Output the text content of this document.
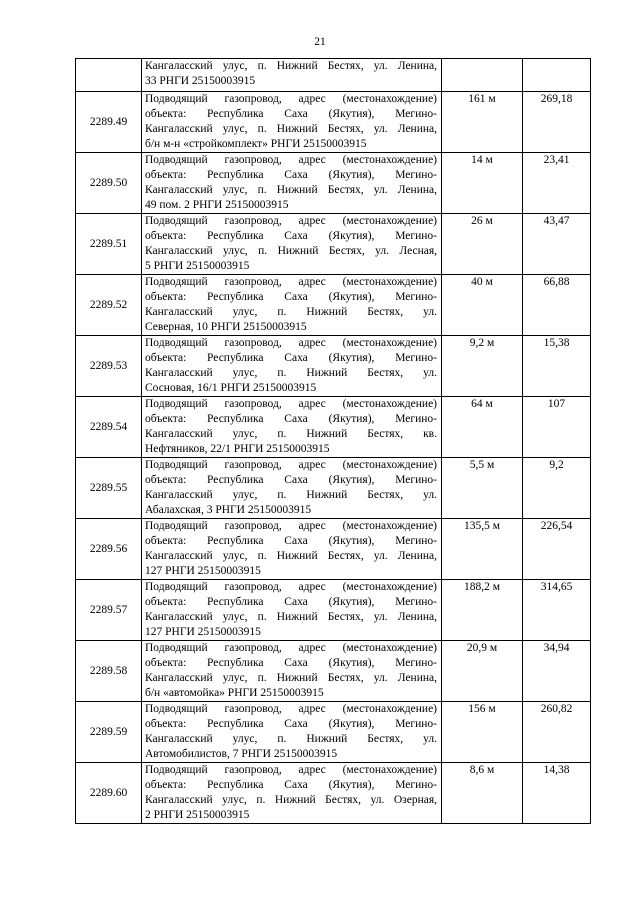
21

	Кангаласский улус, п. Нижний Бестях, ул. Ленина,
33 РНГИ 25150003915		

2289.49	Подводящий газопровод, адрес (местонахождение)
объекта: Республика Саха (Якутия), Мегино-
Кангаласский улус, п. Нижний Бестях, ул. Ленина,
б/н м-н «стройкомплект» РНГИ 25150003915	161 м	269,18
2289.50	Подводящий газопровод, адрес (местонахождение)
объекта: Республика Саха (Якутия), Мегино-
Кангаласский улус, п. Нижний Бестях, ул. Ленина,
49 пом. 2 РНГИ 25150003915	14 м	23,41
2289.51	Подводящий газопровод, адрес (местонахождение)
объекта: Республика Саха (Якутия), Мегино-
Кангаласский улус, п. Нижний Бестях, ул. Лесная,
5 РНГИ 25150003915	26 м	43,47
2289.52	Подводящий газопровод, адрес (местонахождение)
объекта: Республика Саха (Якутия), Мегино-
Кангаласский улус, п. Нижний Бестях, ул.
Северная, 10 РНГИ 25150003915	40 м	66,88
2289.53	Подводящий газопровод, адрес (местонахождение)
объекта: Республика Саха (Якутия), Мегино-
Кангаласский улус, п. Нижний Бестях, ул.
Сосновая, 16/1 РНГИ 25150003915	9,2 м	15,38
2289.54	Подводящий газопровод, адрес (местонахождение)
объекта: Республика Саха (Якутия), Мегино-
Кангаласский улус, п. Нижний Бестях, кв.
Нефтяников, 22/1 РНГИ 25150003915	64 м	107
2289.55	Подводящий газопровод, адрес (местонахождение)
объекта: Республика Саха (Якутия), Мегино-
Кангаласский улус, п. Нижний Бестях, ул.
Абалахская, 3 РНГИ 25150003915	5,5 м	9,2
2289.56	Подводящий газопровод, адрес (местонахождение)
объекта: Республика Саха (Якутия), Мегино-
Кангаласский улус, п. Нижний Бестях, ул. Ленина,
127 РНГИ 25150003915	135,5 м	226,54
2289.57	Подводящий газопровод, адрес (местонахождение)
объекта: Республика Саха (Якутия), Мегино-
Кангаласский улус, п. Нижний Бестях, ул. Ленина,
127 РНГИ 25150003915	188,2 м	314,65
2289.58	Подводящий газопровод, адрес (местонахождение)
объекта: Республика Саха (Якутия), Мегино-
Кангаласский улус, п. Нижний Бестях, ул. Ленина,
б/н «автомойка» РНГИ 25150003915	20,9 м	34,94
2289.59	Подводящий газопровод, адрес (местонахождение)
объекта: Республика Саха (Якутия), Мегино-
Кангаласский улус, п. Нижний Бестях, ул.
Автомобилистов, 7 РНГИ 25150003915	156 м	260,82
2289.60	Подводящий газопровод, адрес (местонахождение)
объекта: Республика Саха (Якутия), Мегино-
Кангаласский улус, п. Нижний Бестях, ул. Озерная,
2 РНГИ 25150003915	8,6 м	14,38
